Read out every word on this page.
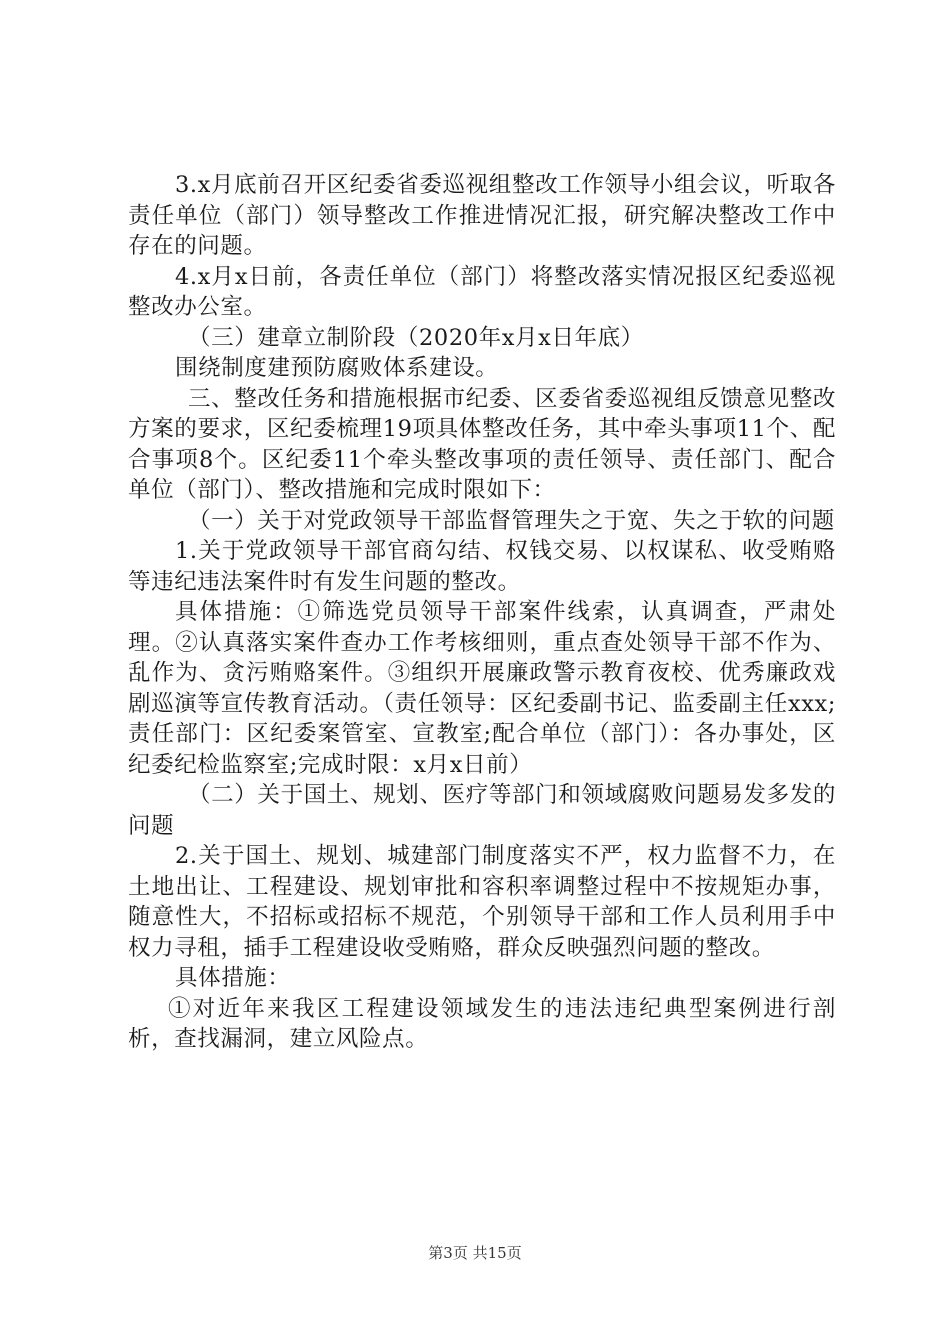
3.x月底前召开区纪委省委巡视组整改工作领导小组会议，听取各责任单位（部门）领导整改工作推进情况汇报，研究解决整改工作中存在的问题。

4.x月x日前，各责任单位（部门）将整改落实情况报区纪委巡视整改办公室。

（三）建章立制阶段（2020年x月x日年底）

围绕制度建预防腐败体系建设。

三、整改任务和措施根据市纪委、区委省委巡视组反馈意见整改方案的要求，区纪委梳理19项具体整改任务，其中牵头事项11个、配合事项8个。区纪委11个牵头整改事项的责任领导、责任部门、配合单位（部门）、整改措施和完成时限如下：

（一）关于对党政领导干部监督管理失之于宽、失之于软的问题

1.关于党政领导干部官商勾结、权钱交易、以权谋私、收受贿赂等违纪违法案件时有发生问题的整改。

具体措施：①筛选党员领导干部案件线索，认真调查，严肃处理。②认真落实案件查办工作考核细则，重点查处领导干部不作为、乱作为、贪污贿赂案件。③组织开展廉政警示教育夜校、优秀廉政戏剧巡演等宣传教育活动。（责任领导：区纪委副书记、监委副主任xxx;责任部门：区纪委案管室、宣教室;配合单位（部门）：各办事处，区纪委纪检监察室;完成时限：x月x日前）

（二）关于国土、规划、医疗等部门和领域腐败问题易发多发的问题

2.关于国土、规划、城建部门制度落实不严，权力监督不力，在土地出让、工程建设、规划审批和容积率调整过程中不按规矩办事，随意性大，不招标或招标不规范，个别领导干部和工作人员利用手中权力寻租，插手工程建设收受贿赂，群众反映强烈问题的整改。

具体措施：

①对近年来我区工程建设领域发生的违法违纪典型案例进行剖析，查找漏洞，建立风险点。

第3页 共15页
